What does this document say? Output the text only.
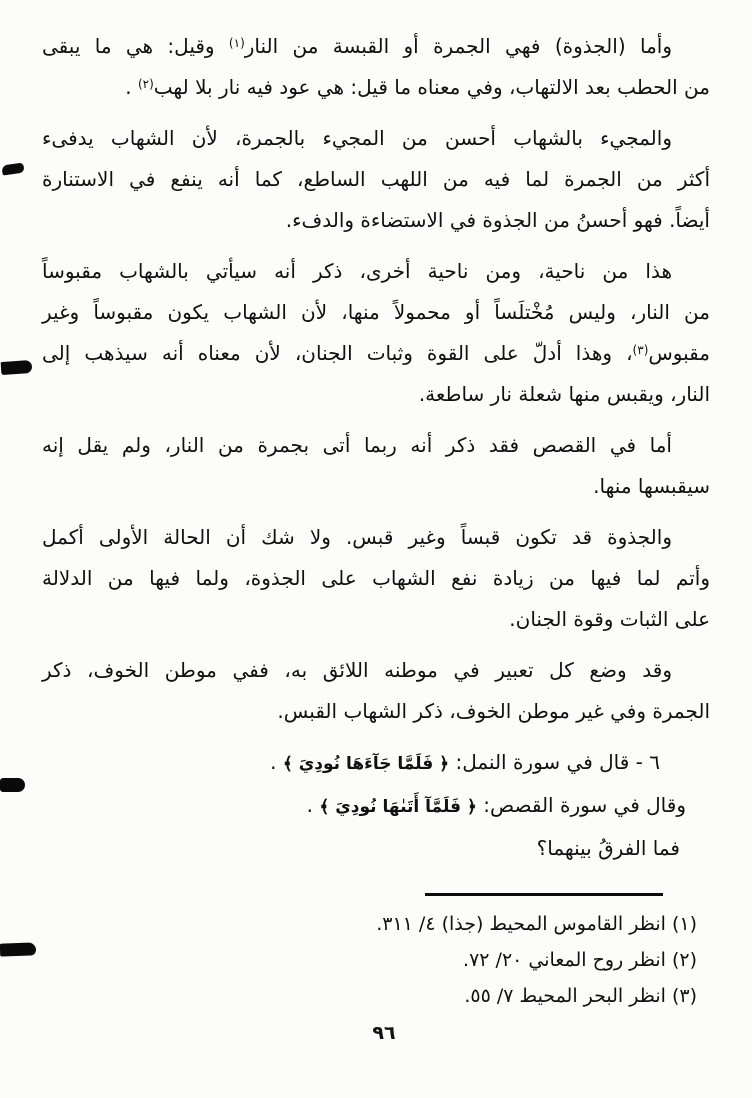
وأما (الجذوة) فهي الجمرة أو القبسة من النار$^{(١)}$ وقيل: هي ما يبقى
من الحطب بعد الالتهاب، وفي معناه ما قيل: هي عود فيه نار بلا لهب$^{(٢)}$ .
والمجيء بالشهاب أحسن من المجيء بالجمرة، لأن الشهاب يدفىء
أكثر من الجمرة لما فيه من اللهب الساطع، كما أنه ينفع في الاستنارة
أيضاً. فهو أحسنُ من الجذوة في الاستضاءة والدفء.
هذا من ناحية، ومن ناحية أخرى، ذكر أنه سيأتي بالشهاب مقبوساً
من النار، وليس مُخْتلَساً أو محمولاً منها، لأن الشهاب يكون مقبوساً وغير
مقبوس$^{(٣)}$، وهذا أدلّ على القوة وثبات الجنان، لأن معناه أنه سيذهب إلى
النار، ويقبس منها شعلة نار ساطعة.
أما في القصص فقد ذكر أنه ربما أتى بجمرة من النار، ولم يقل إنه
سيقبسها منها.
والجذوة قد تكون قبساً وغير قبس. ولا شك أن الحالة الأولى أكمل
وأتم لما فيها من زيادة نفع الشهاب على الجذوة، ولما فيها من الدلالة
على الثبات وقوة الجنان.
وقد وضع كل تعبير في موطنه اللائق به، ففي موطن الخوف، ذكر
الجمرة وفي غير موطن الخوف، ذكر الشهاب القبس.
٦ - قال في سورة النمل: ﴿ فَلَمَّا جَآءَهَا نُودِيَ ﴾ .
وقال في سورة القصص: ﴿ فَلَمَّآ أَتَىٰهَا نُودِيَ ﴾ .
فما الفرقُ بينهما؟
(١) انظر القاموس المحيط (جذا) ٤/ ٣١١.
(٢) انظر روح المعاني ٢٠/ ٧٢.
(٣) انظر البحر المحيط ٧/ ٥٥.
٩٦
